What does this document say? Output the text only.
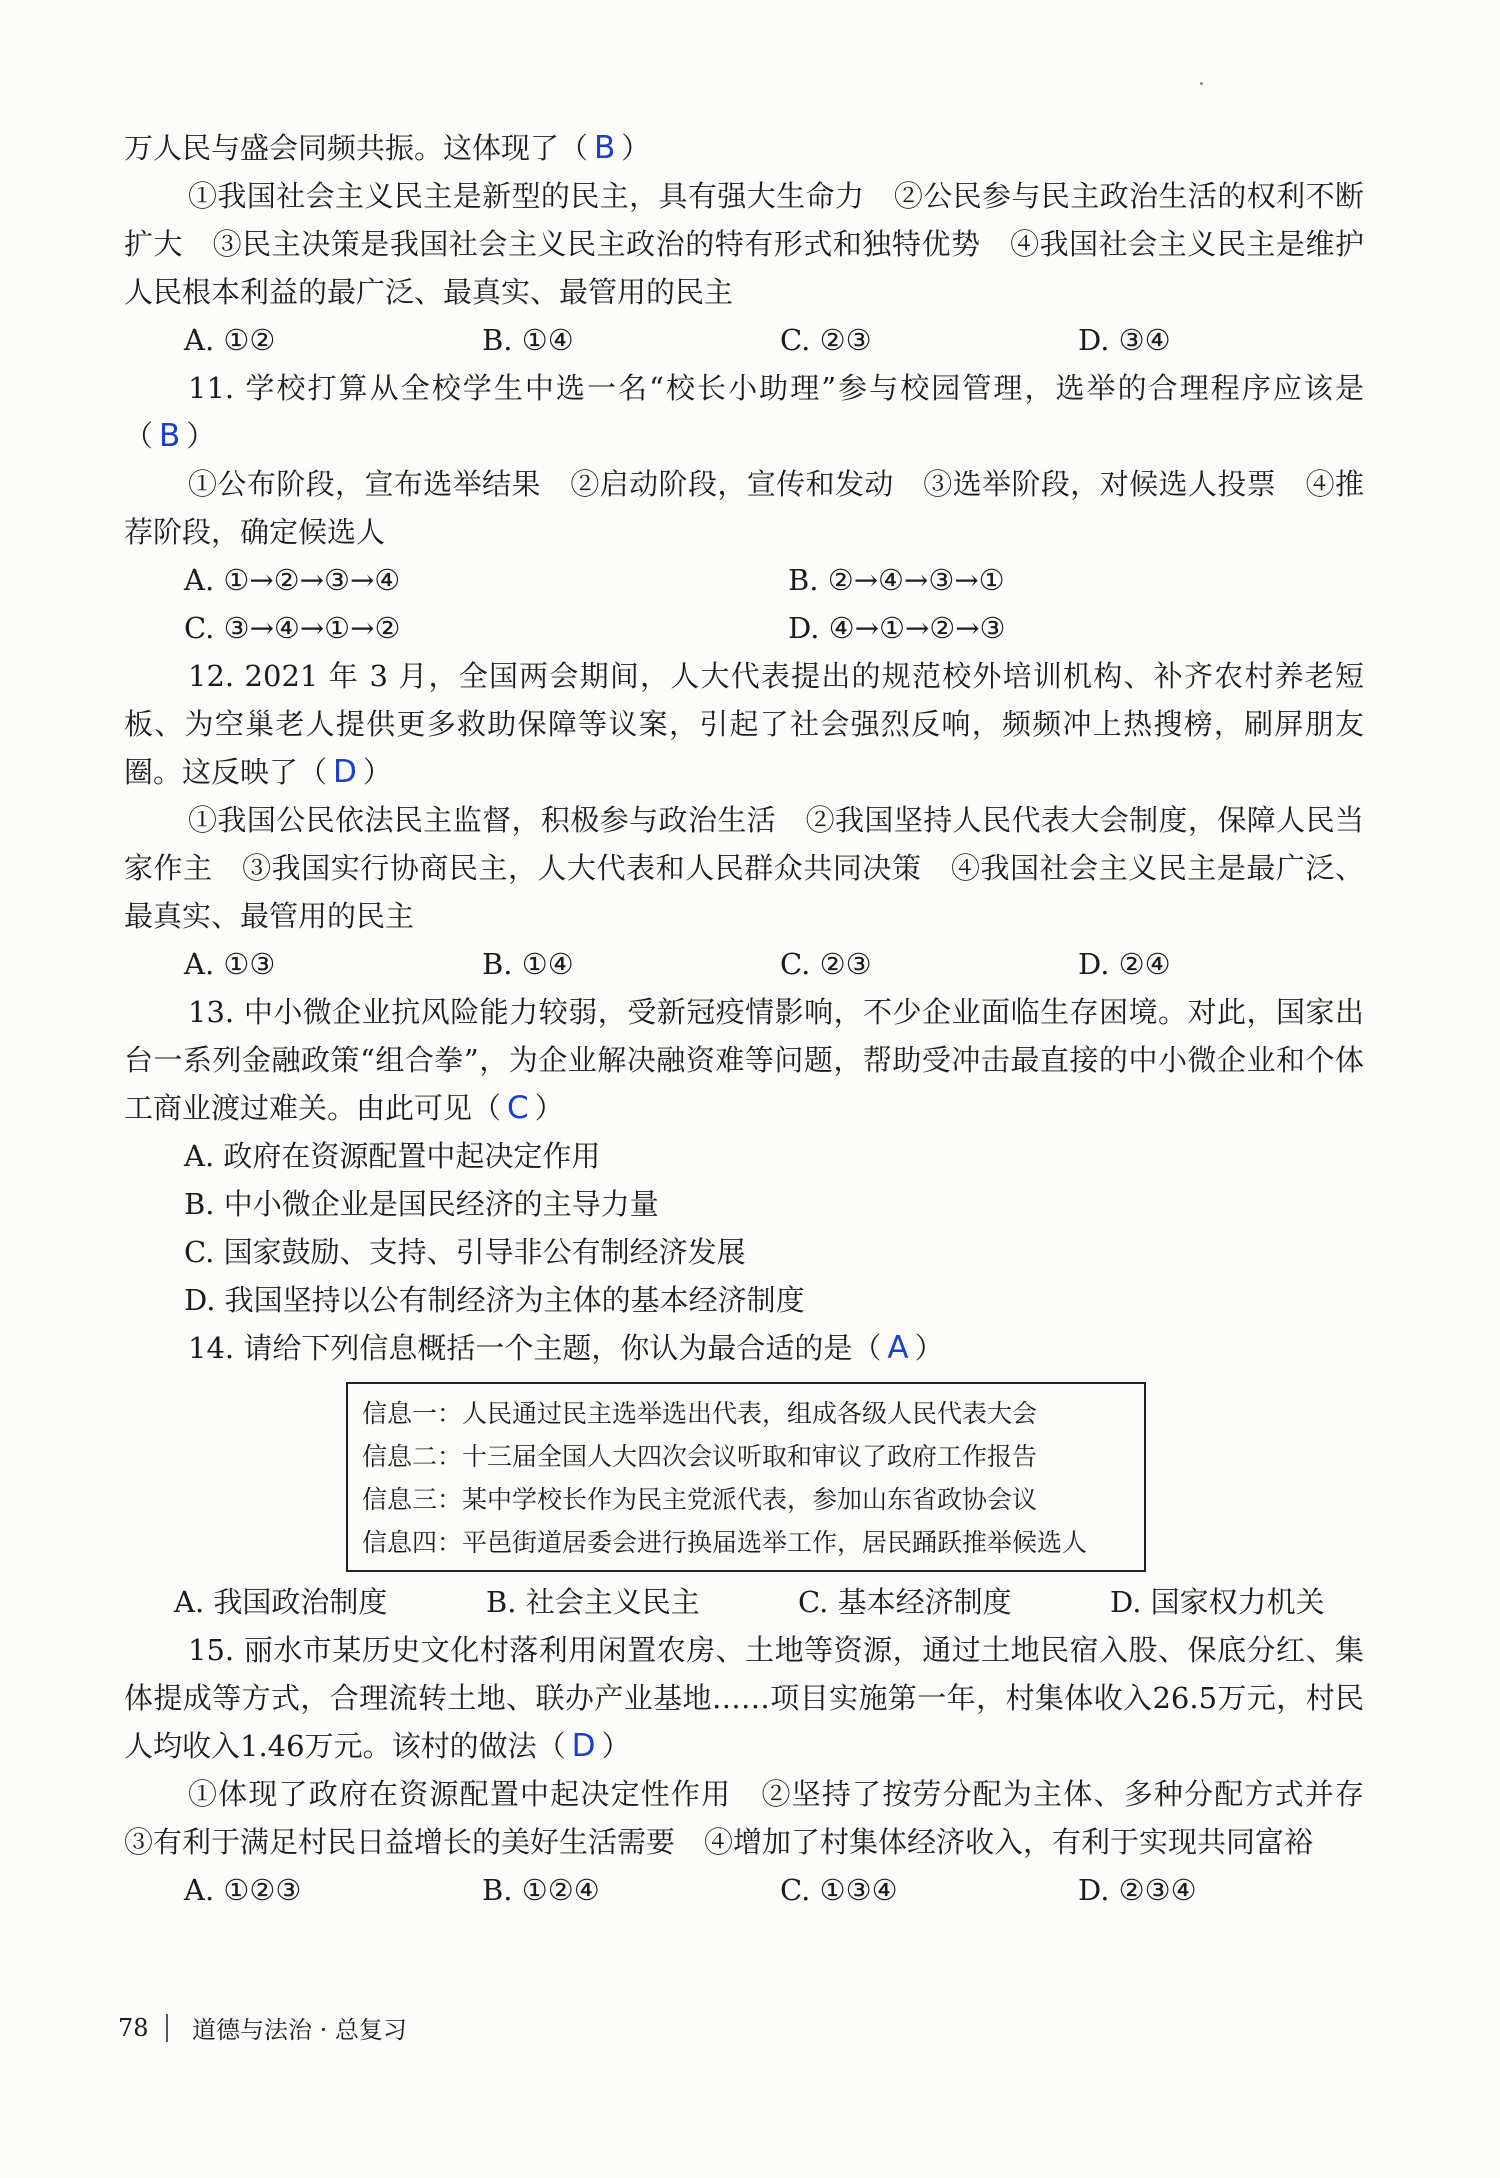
万人民与盛会同频共振。这体现了（ B ）

①我国社会主义民主是新型的民主，具有强大生命力　②公民参与民主政治生活的权利不断扩大　③民主决策是我国社会主义民主政治的特有形式和独特优势　④我国社会主义民主是维护人民根本利益的最广泛、最真实、最管用的民主

A. ①②	B. ①④	C. ②③	D. ③④

11. 学校打算从全校学生中选一名“校长小助理”参与校园管理，选举的合理程序应该是（ B ）

①公布阶段，宣布选举结果　②启动阶段，宣传和发动　③选举阶段，对候选人投票　④推荐阶段，确定候选人

A. ①→②→③→④	B. ②→④→③→①
C. ③→④→①→②	D. ④→①→②→③

12. 2021 年 3 月，全国两会期间，人大代表提出的规范校外培训机构、补齐农村养老短板、为空巢老人提供更多救助保障等议案，引起了社会强烈反响，频频冲上热搜榜，刷屏朋友圈。这反映了（ D ）

①我国公民依法民主监督，积极参与政治生活　②我国坚持人民代表大会制度，保障人民当家作主　③我国实行协商民主，人大代表和人民群众共同决策　④我国社会主义民主是最广泛、最真实、最管用的民主

A. ①③	B. ①④	C. ②③	D. ②④

13. 中小微企业抗风险能力较弱，受新冠疫情影响，不少企业面临生存困境。对此，国家出台一系列金融政策“组合拳”，为企业解决融资难等问题，帮助受冲击最直接的中小微企业和个体工商业渡过难关。由此可见（ C ）

A. 政府在资源配置中起决定作用

B. 中小微企业是国民经济的主导力量

C. 国家鼓励、支持、引导非公有制经济发展

D. 我国坚持以公有制经济为主体的基本经济制度

14. 请给下列信息概括一个主题，你认为最合适的是（ A ）

信息一：人民通过民主选举选出代表，组成各级人民代表大会
信息二：十三届全国人大四次会议听取和审议了政府工作报告
信息三：某中学校长作为民主党派代表，参加山东省政协会议
信息四：平邑街道居委会进行换届选举工作，居民踊跃推举候选人
A. 我国政治制度	B. 社会主义民主	C. 基本经济制度	D. 国家权力机关

15. 丽水市某历史文化村落利用闲置农房、土地等资源，通过土地民宿入股、保底分红、集体提成等方式，合理流转土地、联办产业基地……项目实施第一年，村集体收入26.5万元，村民人均收入1.46万元。该村的做法（ D ）

①体现了政府在资源配置中起决定性作用　②坚持了按劳分配为主体、多种分配方式并存　③有利于满足村民日益增长的美好生活需要　④增加了村集体经济收入，有利于实现共同富裕

A. ①②③	B. ①②④	C. ①③④	D. ②③④
78	道德与法治 · 总复习
